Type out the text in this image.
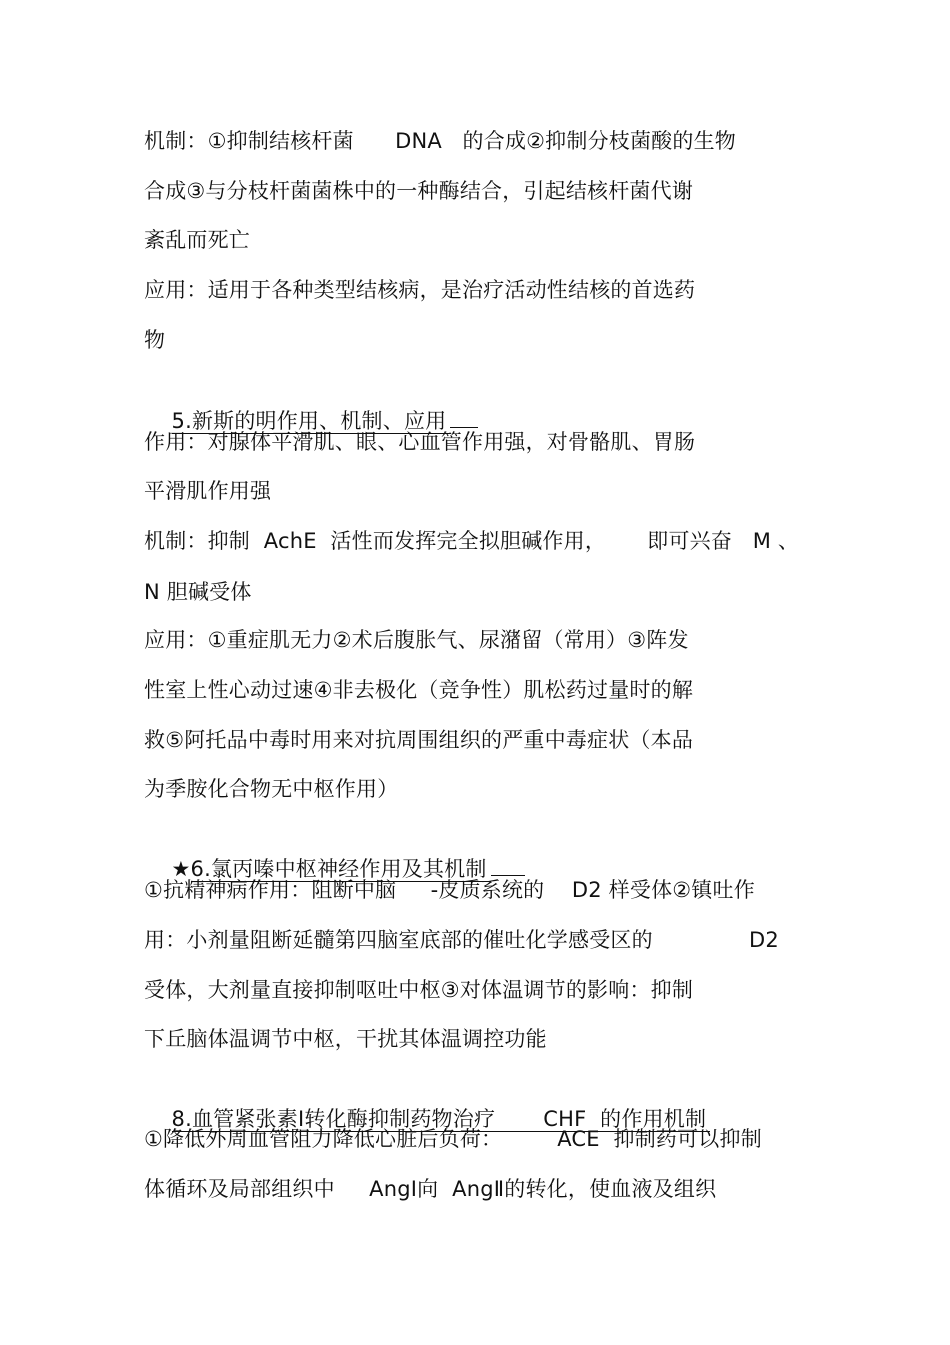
机制：①抑制结核杆菌      DNA   的合成②抑制分枝菌酸的生物
合成③与分枝杆菌菌株中的一种酶结合，引起结核杆菌代谢
紊乱而死亡
应用：适用于各种类型结核病，是治疗活动性结核的首选药
物

5.新斯的明作用、机制、应用

作用：对腺体平滑肌、眼、心血管作用强，对骨骼肌、胃肠
平滑肌作用强
机制：抑制  AchE  活性而发挥完全拟胆碱作用，      即可兴奋   M 、
N 胆碱受体
应用：①重症肌无力②术后腹胀气、尿潴留（常用）③阵发
性室上性心动过速④非去极化（竞争性）肌松药过量时的解
救⑤阿托品中毒时用来对抗周围组织的严重中毒症状（本品
为季胺化合物无中枢作用）

★6.氯丙嗪中枢神经作用及其机制

①抗精神病作用：阻断中脑     -皮质系统的    D2 样受体②镇吐作
用：小剂量阻断延髓第四脑室底部的催吐化学感受区的              D2
受体，大剂量直接抑制呕吐中枢③对体温调节的影响：抑制
下丘脑体温调节中枢，干扰其体温调控功能

8.血管紧张素Ⅰ转化酶抑制药物治疗       CHF  的作用机制

①降低外周血管阻力降低心脏后负荷：        ACE  抑制药可以抑制
体循环及局部组织中     AngⅠ向  AngⅡ的转化，使血液及组织
